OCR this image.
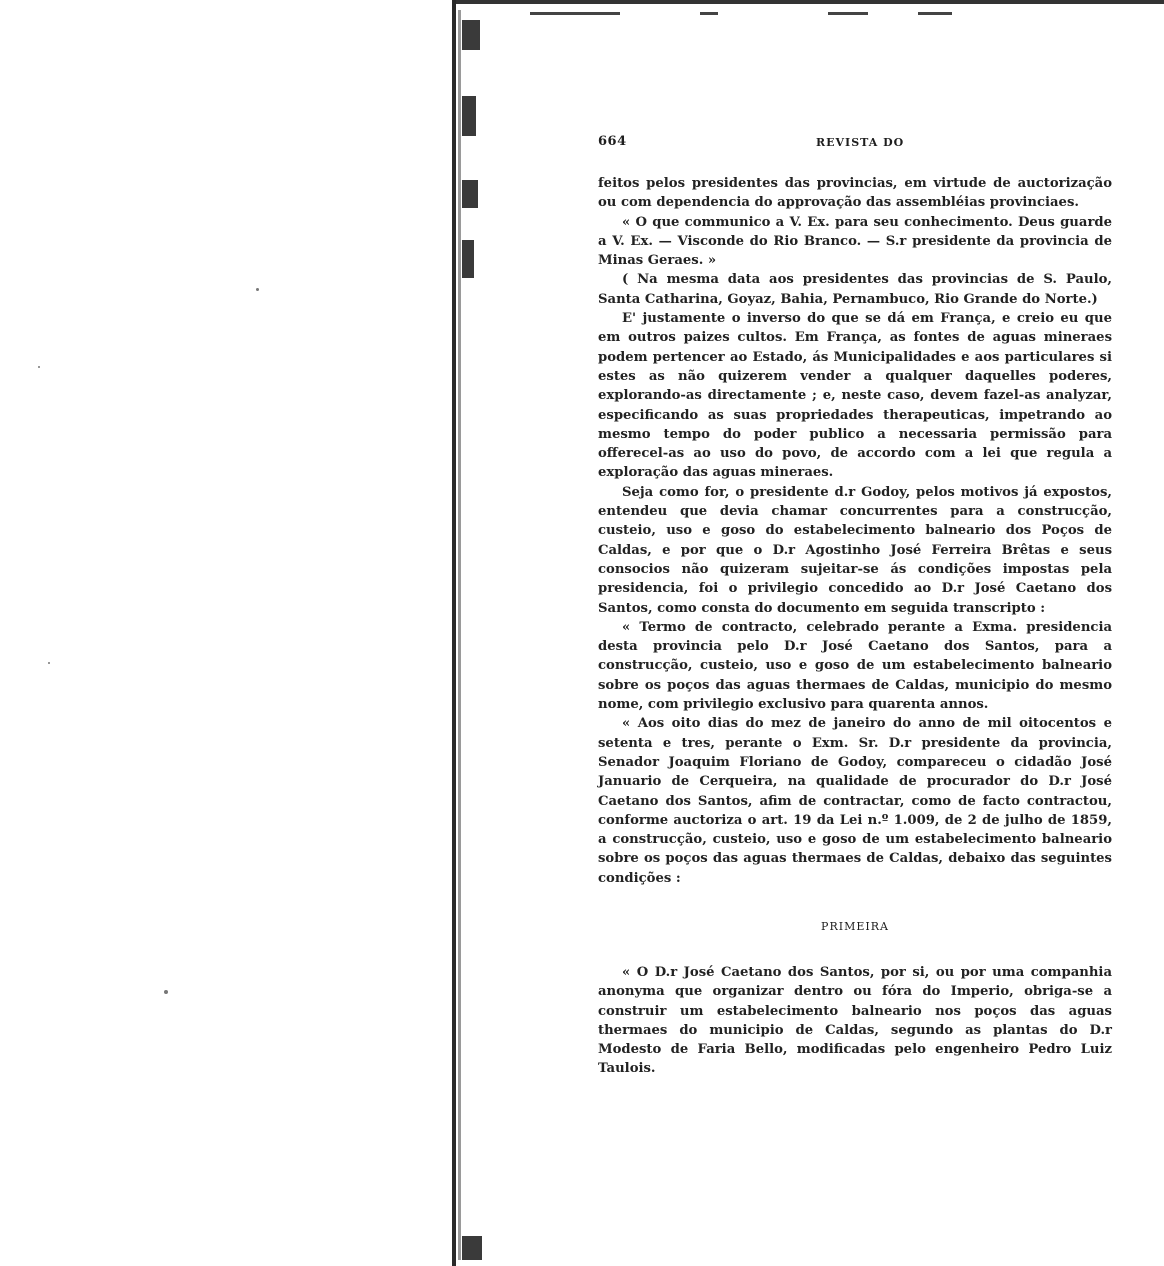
664	REVISTA DO

feitos pelos presidentes das provincias, em virtude de auctorização ou com dependencia do approvação das assembléias provinciaes.

« O que communico a V. Ex. para seu conhecimento. Deus guarde a V. Ex. — Visconde do Rio Branco. — S.r presidente da provincia de Minas Geraes. »

( Na mesma data aos presidentes das provincias de S. Paulo, Santa Catharina, Goyaz, Bahia, Pernambuco, Rio Grande do Norte.)

E' justamente o inverso do que se dá em França, e creio eu que em outros paizes cultos. Em França, as fontes de aguas mineraes podem pertencer ao Estado, ás Municipalidades e aos particulares si estes as não quizerem vender a qualquer daquelles poderes, explorando-as directamente ; e, neste caso, devem fazel-as analyzar, especificando as suas propriedades therapeuticas, impetrando ao mesmo tempo do poder publico a necessaria permissão para offerecel-as ao uso do povo, de accordo com a lei que regula a exploração das aguas mineraes.

Seja como for, o presidente d.r Godoy, pelos motivos já expostos, entendeu que devia chamar concurrentes para a construcção, custeio, uso e goso do estabelecimento balneario dos Poços de Caldas, e por que o D.r Agostinho José Ferreira Brêtas e seus consocios não quizeram sujeitar-se ás condições impostas pela presidencia, foi o privilegio concedido ao D.r José Caetano dos Santos, como consta do documento em seguida transcripto :

« Termo de contracto, celebrado perante a Exma. presidencia desta provincia pelo D.r José Caetano dos Santos, para a construcção, custeio, uso e goso de um estabelecimento balneario sobre os poços das aguas thermaes de Caldas, municipio do mesmo nome, com privilegio exclusivo para quarenta annos.

« Aos oito dias do mez de janeiro do anno de mil oitocentos e setenta e tres, perante o Exm. Sr. D.r presidente da provincia, Senador Joaquim Floriano de Godoy, compareceu o cidadão José Januario de Cerqueira, na qualidade de procurador do D.r José Caetano dos Santos, afim de contractar, como de facto contractou, conforme auctoriza o art. 19 da Lei n.º 1.009, de 2 de julho de 1859, a construcção, custeio, uso e goso de um estabelecimento balneario sobre os poços das aguas thermaes de Caldas, debaixo das seguintes condições :

PRIMEIRA

« O D.r José Caetano dos Santos, por si, ou por uma companhia anonyma que organizar dentro ou fóra do Imperio, obriga-se a construir um estabelecimento balneario nos poços das aguas thermaes do municipio de Caldas, segundo as plantas do D.r Modesto de Faria Bello, modificadas pelo engenheiro Pedro Luiz Taulois.
